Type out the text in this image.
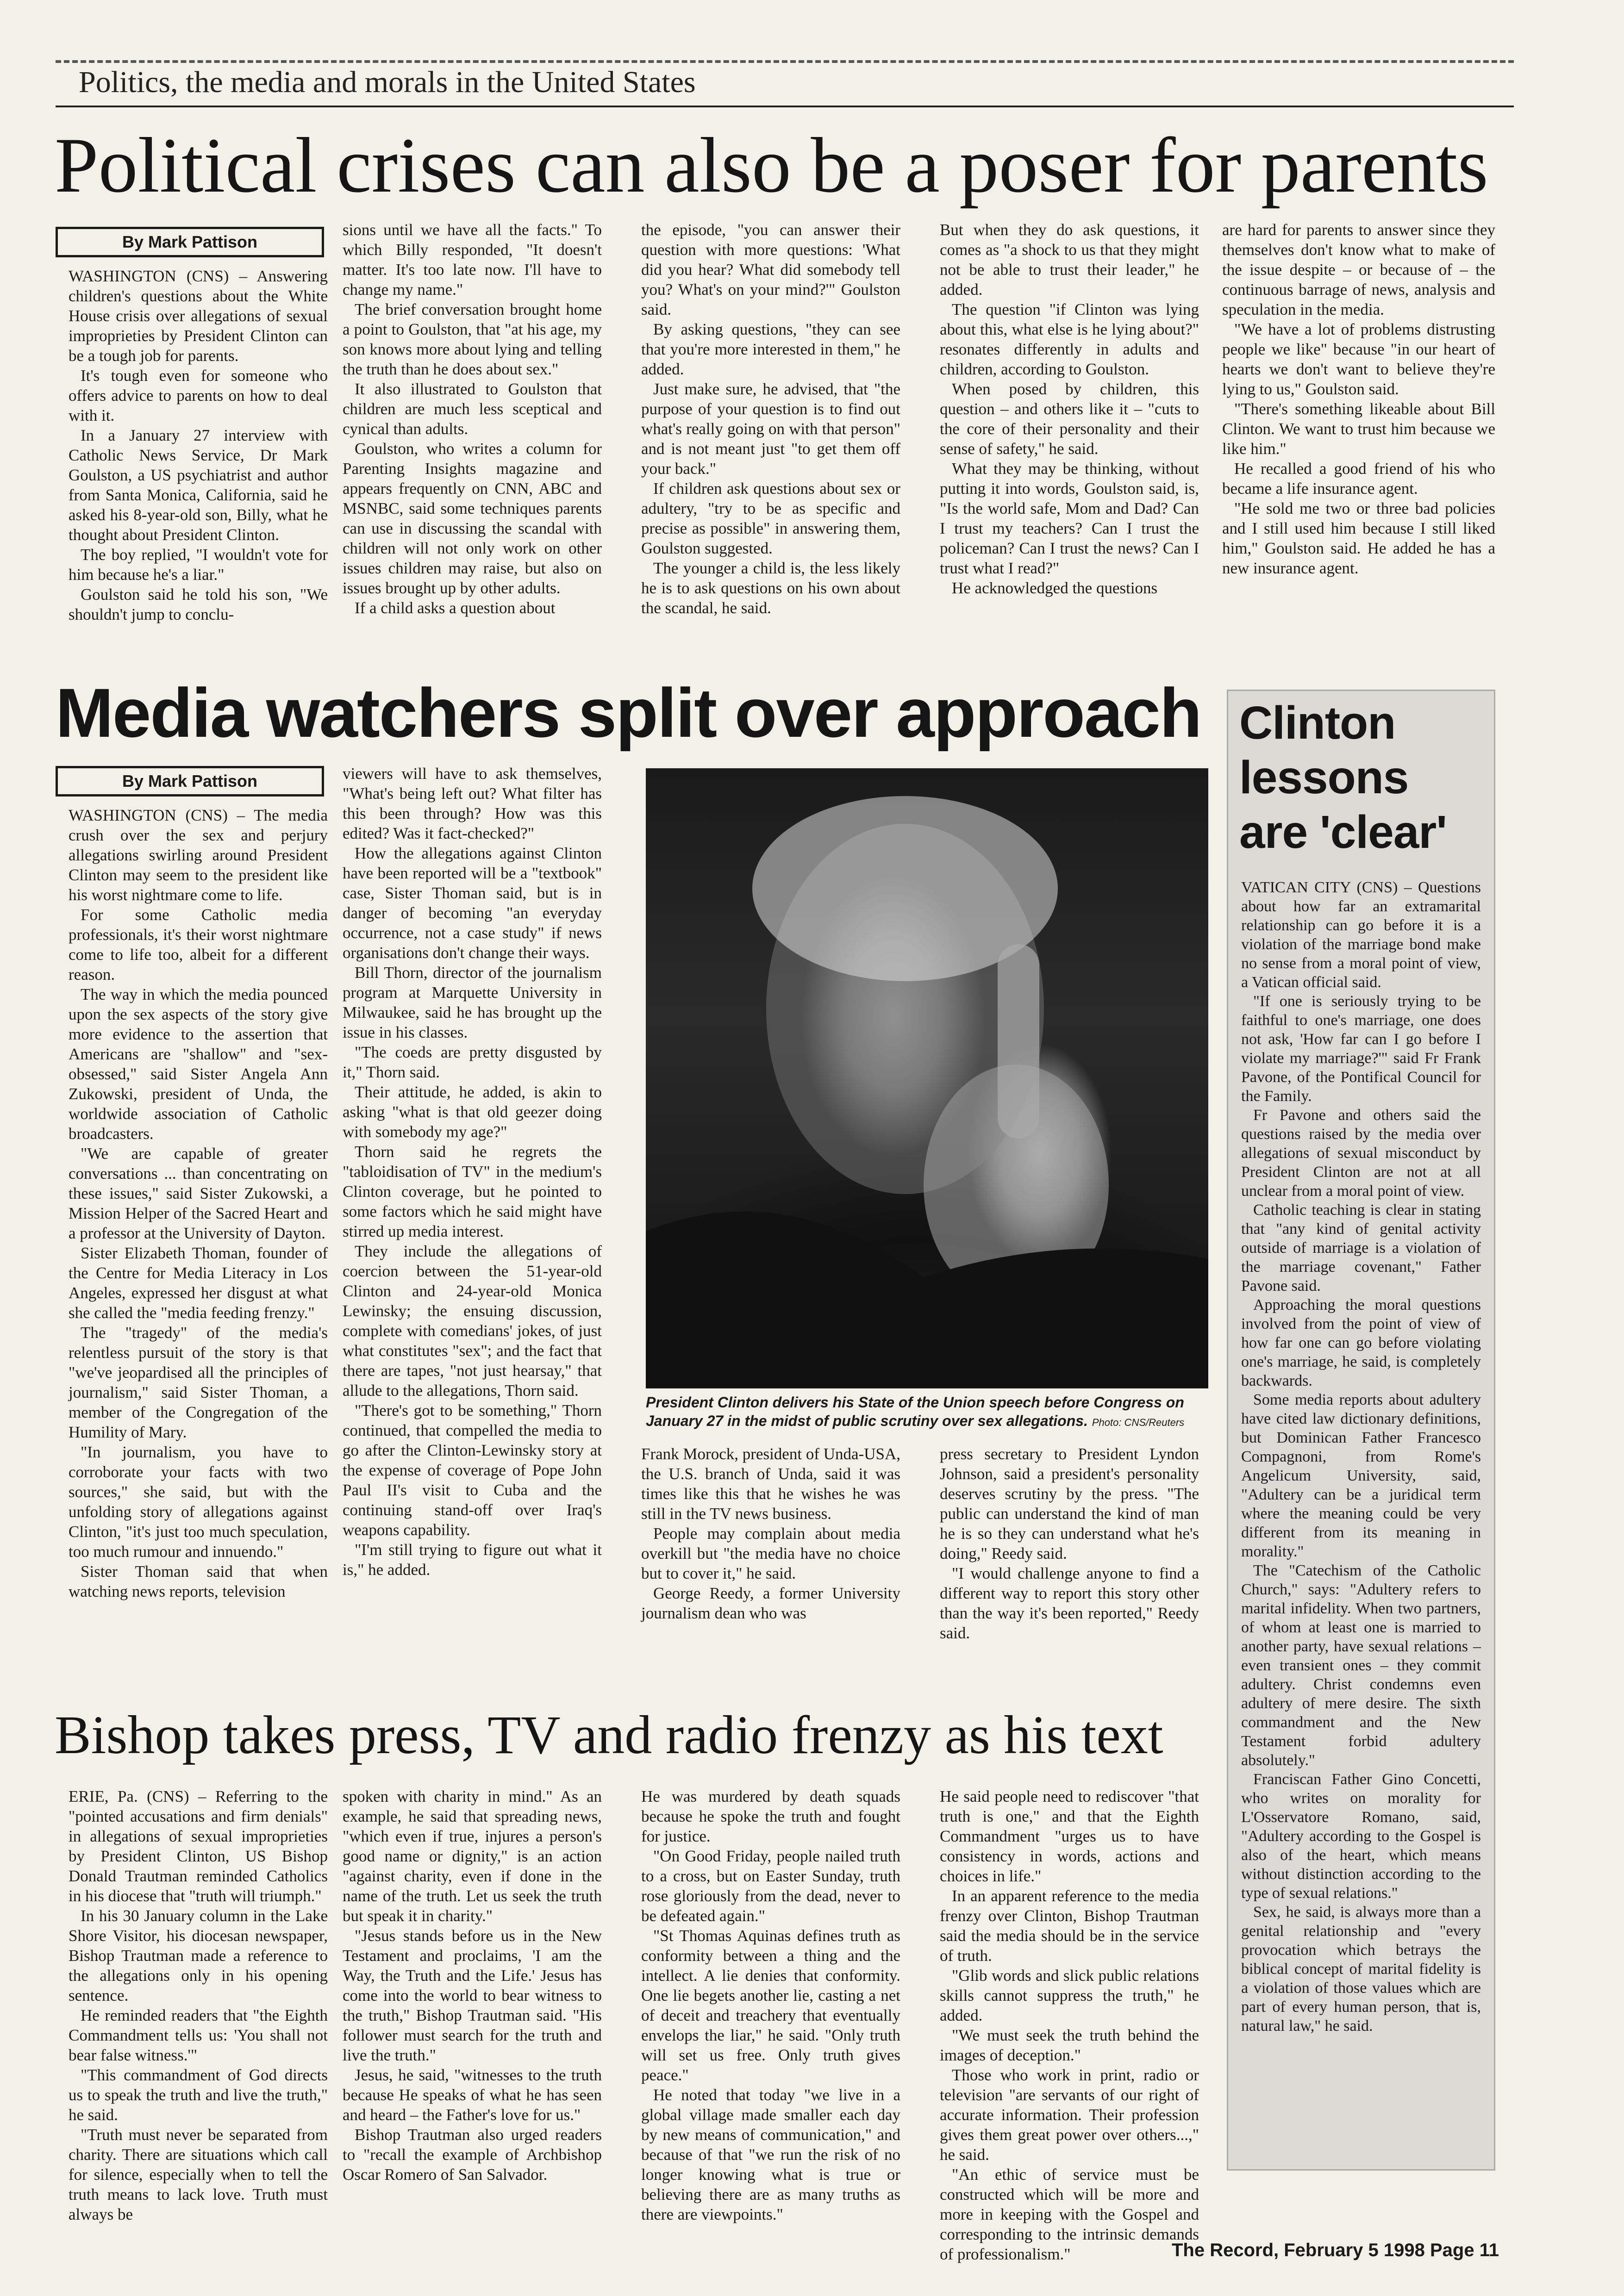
Politics, the media and morals in the United States
Political crises can also be a poser for parents
By Mark Pattison

WASHINGTON (CNS) – Answering children's questions about the White House crisis over allegations of sexual improprieties by President Clinton can be a tough job for parents.

It's tough even for someone who offers advice to parents on how to deal with it.

In a January 27 interview with Catholic News Service, Dr Mark Goulston, a US psychiatrist and author from Santa Monica, California, said he asked his 8-year-old son, Billy, what he thought about President Clinton.

The boy replied, "I wouldn't vote for him because he's a liar."

Goulston said he told his son, "We shouldn't jump to conclu-

sions until we have all the facts." To which Billy responded, "It doesn't matter. It's too late now. I'll have to change my name."

The brief conversation brought home a point to Goulston, that "at his age, my son knows more about lying and telling the truth than he does about sex."

It also illustrated to Goulston that children are much less sceptical and cynical than adults.

Goulston, who writes a column for Parenting Insights magazine and appears frequently on CNN, ABC and MSNBC, said some techniques parents can use in discussing the scandal with children will not only work on other issues children may raise, but also on issues brought up by other adults.

If a child asks a question about

the episode, "you can answer their question with more questions: 'What did you hear? What did somebody tell you? What's on your mind?'" Goulston said.

By asking questions, "they can see that you're more interested in them," he added.

Just make sure, he advised, that "the purpose of your question is to find out what's really going on with that person" and is not meant just "to get them off your back."

If children ask questions about sex or adultery, "try to be as specific and precise as possible" in answering them, Goulston suggested.

The younger a child is, the less likely he is to ask questions on his own about the scandal, he said.

But when they do ask questions, it comes as "a shock to us that they might not be able to trust their leader," he added.

The question "if Clinton was lying about this, what else is he lying about?" resonates differently in adults and children, according to Goulston.

When posed by children, this question – and others like it – "cuts to the core of their personality and their sense of safety," he said.

What they may be thinking, without putting it into words, Goulston said, is, "Is the world safe, Mom and Dad? Can I trust my teachers? Can I trust the policeman? Can I trust the news? Can I trust what I read?"

He acknowledged the questions

are hard for parents to answer since they themselves don't know what to make of the issue despite – or because of – the continuous barrage of news, analysis and speculation in the media.

"We have a lot of problems distrusting people we like" because "in our heart of hearts we don't want to believe they're lying to us," Goulston said.

"There's something likeable about Bill Clinton. We want to trust him because we like him."

He recalled a good friend of his who became a life insurance agent.

"He sold me two or three bad policies and I still used him because I still liked him," Goulston said. He added he has a new insurance agent.

Media watchers split over approach
By Mark Pattison

WASHINGTON (CNS) – The media crush over the sex and perjury allegations swirling around President Clinton may seem to the president like his worst nightmare come to life.

For some Catholic media professionals, it's their worst nightmare come to life too, albeit for a different reason.

The way in which the media pounced upon the sex aspects of the story give more evidence to the assertion that Americans are "shallow" and "sex-obsessed," said Sister Angela Ann Zukowski, president of Unda, the worldwide association of Catholic broadcasters.

"We are capable of greater conversations ... than concentrating on these issues," said Sister Zukowski, a Mission Helper of the Sacred Heart and a professor at the University of Dayton.

Sister Elizabeth Thoman, founder of the Centre for Media Literacy in Los Angeles, expressed her disgust at what she called the "media feeding frenzy."

The "tragedy" of the media's relentless pursuit of the story is that "we've jeopardised all the principles of journalism," said Sister Thoman, a member of the Congregation of the Humility of Mary.

"In journalism, you have to corroborate your facts with two sources," she said, but with the unfolding story of allegations against Clinton, "it's just too much speculation, too much rumour and innuendo."

Sister Thoman said that when watching news reports, television

viewers will have to ask themselves, "What's being left out? What filter has this been through? How was this edited? Was it fact-checked?"

How the allegations against Clinton have been reported will be a "textbook" case, Sister Thoman said, but is in danger of becoming "an everyday occurrence, not a case study" if news organisations don't change their ways.

Bill Thorn, director of the journalism program at Marquette University in Milwaukee, said he has brought up the issue in his classes.

"The coeds are pretty disgusted by it," Thorn said.

Their attitude, he added, is akin to asking "what is that old geezer doing with somebody my age?"

Thorn said he regrets the "tabloidisation of TV" in the medium's Clinton coverage, but he pointed to some factors which he said might have stirred up media interest.

They include the allegations of coercion between the 51-year-old Clinton and 24-year-old Monica Lewinsky; the ensuing discussion, complete with comedians' jokes, of just what constitutes "sex"; and the fact that there are tapes, "not just hearsay," that allude to the allegations, Thorn said.

"There's got to be something," Thorn continued, that compelled the media to go after the Clinton-Lewinsky story at the expense of coverage of Pope John Paul II's visit to Cuba and the continuing stand-off over Iraq's weapons capability.

"I'm still trying to figure out what it is," he added.

President Clinton delivers his State of the Union speech before Congress on January 27 in the midst of public scrutiny over sex allegations. Photo: CNS/Reuters

Frank Morock, president of Unda-USA, the U.S. branch of Unda, said it was times like this that he wishes he was still in the TV news business.

People may complain about media overkill but "the media have no choice but to cover it," he said.

George Reedy, a former University journalism dean who was

press secretary to President Lyndon Johnson, said a president's personality deserves scrutiny by the press. "The public can understand the kind of man he is so they can understand what he's doing," Reedy said.

"I would challenge anyone to find a different way to report this story other than the way it's been reported," Reedy said.

Clinton lessons are 'clear'

VATICAN CITY (CNS) – Questions about how far an extramarital relationship can go before it is a violation of the marriage bond make no sense from a moral point of view, a Vatican official said.

"If one is seriously trying to be faithful to one's marriage, one does not ask, 'How far can I go before I violate my marriage?'" said Fr Frank Pavone, of the Pontifical Council for the Family.

Fr Pavone and others said the questions raised by the media over allegations of sexual misconduct by President Clinton are not at all unclear from a moral point of view.

Catholic teaching is clear in stating that "any kind of genital activity outside of marriage is a violation of the marriage covenant," Father Pavone said.

Approaching the moral questions involved from the point of view of how far one can go before violating one's marriage, he said, is completely backwards.

Some media reports about adultery have cited law dictionary definitions, but Dominican Father Francesco Compagnoni, from Rome's Angelicum University, said, "Adultery can be a juridical term where the meaning could be very different from its meaning in morality."

The "Catechism of the Catholic Church," says: "Adultery refers to marital infidelity. When two partners, of whom at least one is married to another party, have sexual relations – even transient ones – they commit adultery. Christ condemns even adultery of mere desire. The sixth commandment and the New Testament forbid adultery absolutely."

Franciscan Father Gino Concetti, who writes on morality for L'Osservatore Romano, said, "Adultery according to the Gospel is also of the heart, which means without distinction according to the type of sexual relations."

Sex, he said, is always more than a genital relationship and "every provocation which betrays the biblical concept of marital fidelity is a violation of those values which are part of every human person, that is, natural law," he said.

Bishop takes press, TV and radio frenzy as his text

ERIE, Pa. (CNS) – Referring to the "pointed accusations and firm denials" in allegations of sexual improprieties by President Clinton, US Bishop Donald Trautman reminded Catholics in his diocese that "truth will triumph."

In his 30 January column in the Lake Shore Visitor, his diocesan newspaper, Bishop Trautman made a reference to the allegations only in his opening sentence.

He reminded readers that "the Eighth Commandment tells us: 'You shall not bear false witness.'"

"This commandment of God directs us to speak the truth and live the truth," he said.

"Truth must never be separated from charity. There are situations which call for silence, especially when to tell the truth means to lack love. Truth must always be

spoken with charity in mind." As an example, he said that spreading news, "which even if true, injures a person's good name or dignity," is an action "against charity, even if done in the name of the truth. Let us seek the truth but speak it in charity."

"Jesus stands before us in the New Testament and proclaims, 'I am the Way, the Truth and the Life.' Jesus has come into the world to bear witness to the truth," Bishop Trautman said. "His follower must search for the truth and live the truth."

Jesus, he said, "witnesses to the truth because He speaks of what he has seen and heard – the Father's love for us."

Bishop Trautman also urged readers to "recall the example of Archbishop Oscar Romero of San Salvador.

He was murdered by death squads because he spoke the truth and fought for justice.

"On Good Friday, people nailed truth to a cross, but on Easter Sunday, truth rose gloriously from the dead, never to be defeated again."

"St Thomas Aquinas defines truth as conformity between a thing and the intellect. A lie denies that conformity. One lie begets another lie, casting a net of deceit and treachery that eventually envelops the liar," he said. "Only truth will set us free. Only truth gives peace."

He noted that today "we live in a global village made smaller each day by new means of communication," and because of that "we run the risk of no longer knowing what is true or believing there are as many truths as there are viewpoints."

He said people need to rediscover "that truth is one," and that the Eighth Commandment "urges us to have consistency in words, actions and choices in life."

In an apparent reference to the media frenzy over Clinton, Bishop Trautman said the media should be in the service of truth.

"Glib words and slick public relations skills cannot suppress the truth," he added.

"We must seek the truth behind the images of deception."

Those who work in print, radio or television "are servants of our right of accurate information. Their profession gives them great power over others...," he said.

"An ethic of service must be constructed which will be more and more in keeping with the Gospel and corresponding to the intrinsic demands of professionalism."	The Record, February 5 1998 Page 11
